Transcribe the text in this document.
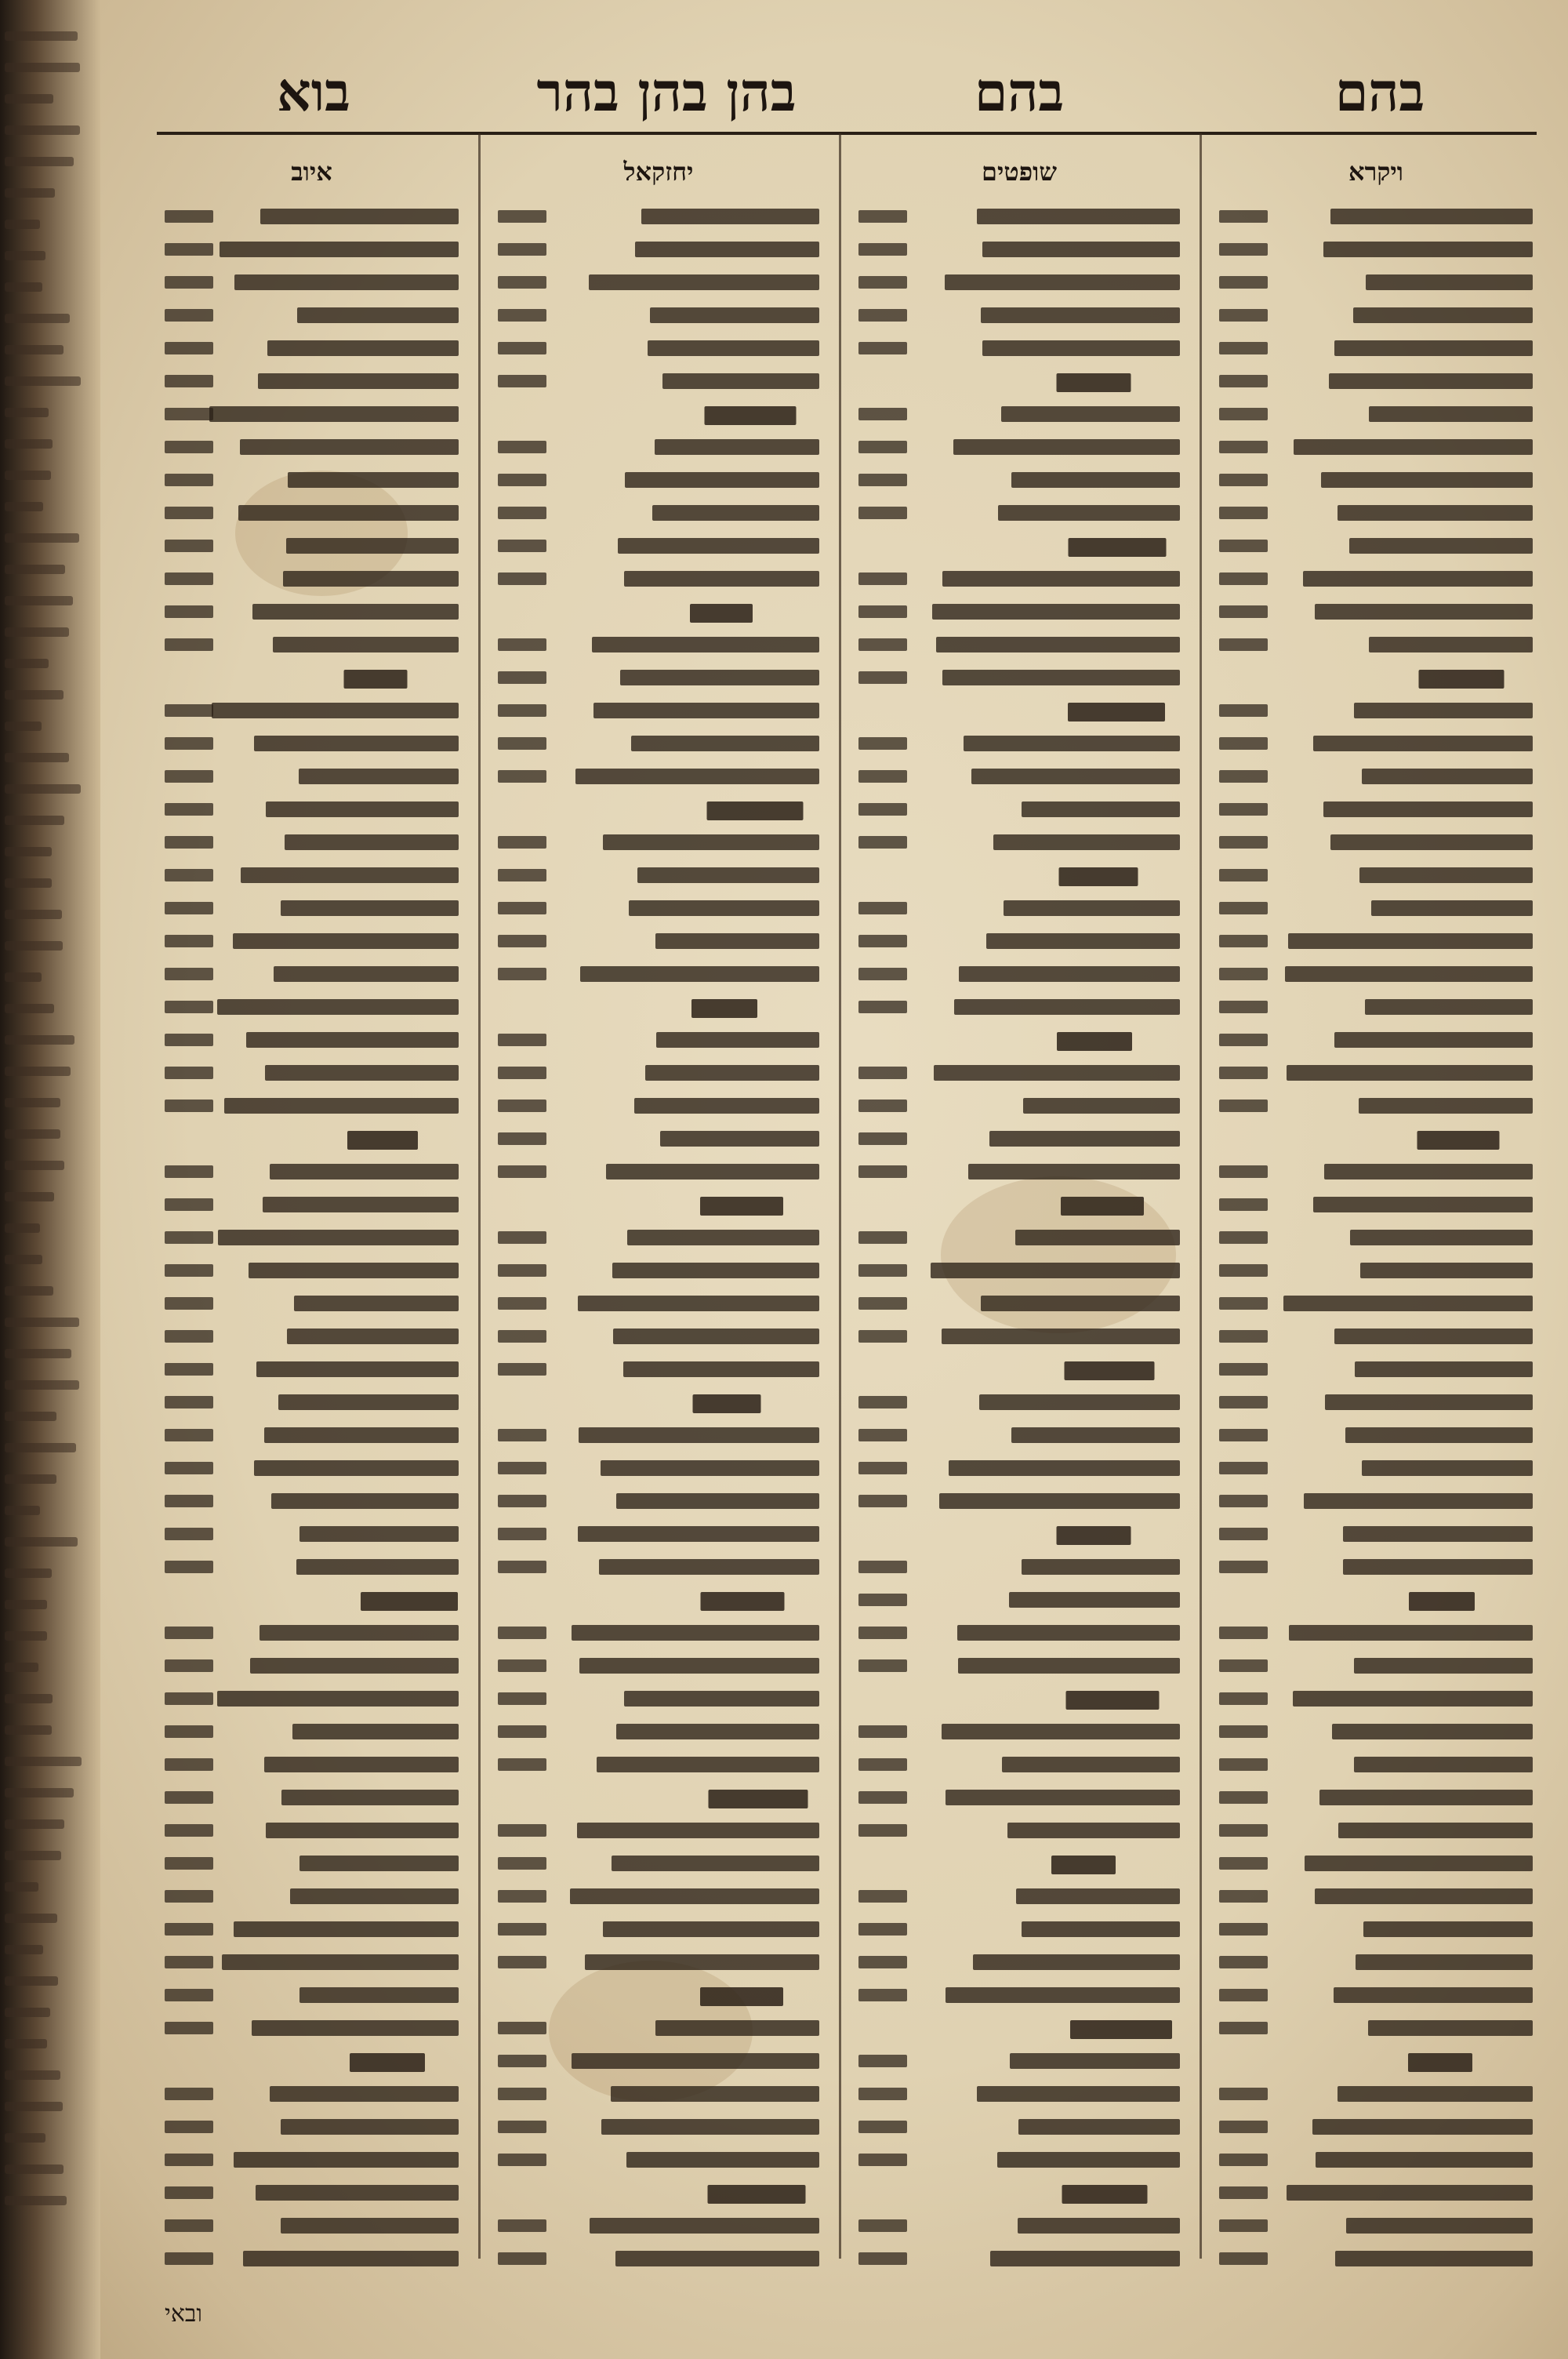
בהם
בהם
בהן בהן בהר
בוא
ויקרא
שופטים
יחזקאל
איוב
ובאי
